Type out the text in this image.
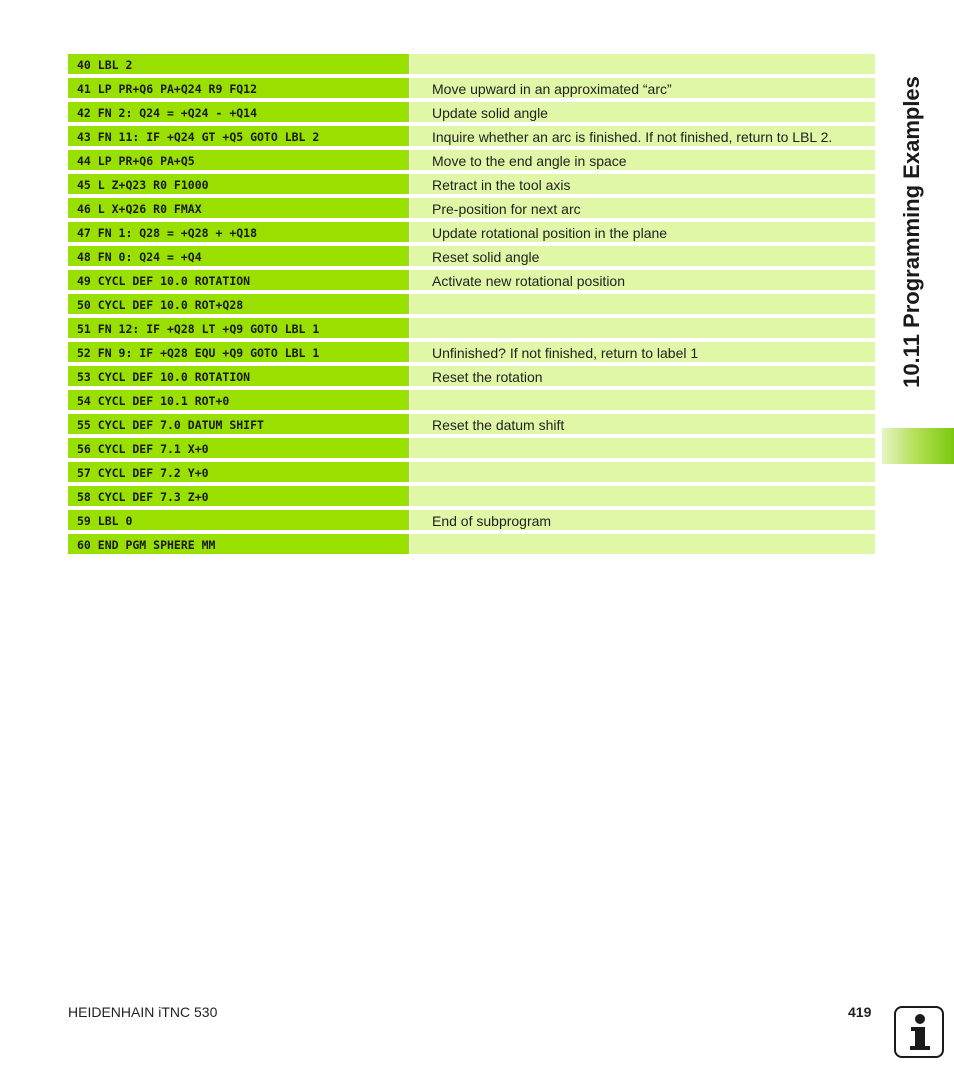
40 LBL 2
41 LP PR+Q6 PA+Q24 R9 FQ12	Move upward in an approximated “arc”
42 FN 2: Q24 = +Q24 - +Q14	Update solid angle
43 FN 11: IF +Q24 GT +Q5 GOTO LBL 2	Inquire whether an arc is finished. If not finished, return to LBL 2.
44 LP PR+Q6 PA+Q5	Move to the end angle in space
45 L Z+Q23 R0 F1000	Retract in the tool axis
46 L X+Q26 R0 FMAX	Pre-position for next arc
47 FN 1: Q28 = +Q28 + +Q18	Update rotational position in the plane
48 FN 0: Q24 = +Q4	Reset solid angle
49 CYCL DEF 10.0 ROTATION	Activate new rotational position
50 CYCL DEF 10.0 ROT+Q28
51 FN 12: IF +Q28 LT +Q9 GOTO LBL 1
52 FN 9: IF +Q28 EQU +Q9 GOTO LBL 1	Unfinished? If not finished, return to label 1
53 CYCL DEF 10.0 ROTATION	Reset the rotation
54 CYCL DEF 10.1 ROT+0
55 CYCL DEF 7.0 DATUM SHIFT	Reset the datum shift
56 CYCL DEF 7.1 X+0
57 CYCL DEF 7.2 Y+0
58 CYCL DEF 7.3 Z+0
59 LBL 0	End of subprogram
60 END PGM SPHERE MM
10.11 Programming Examples
HEIDENHAIN iTNC 530	419
